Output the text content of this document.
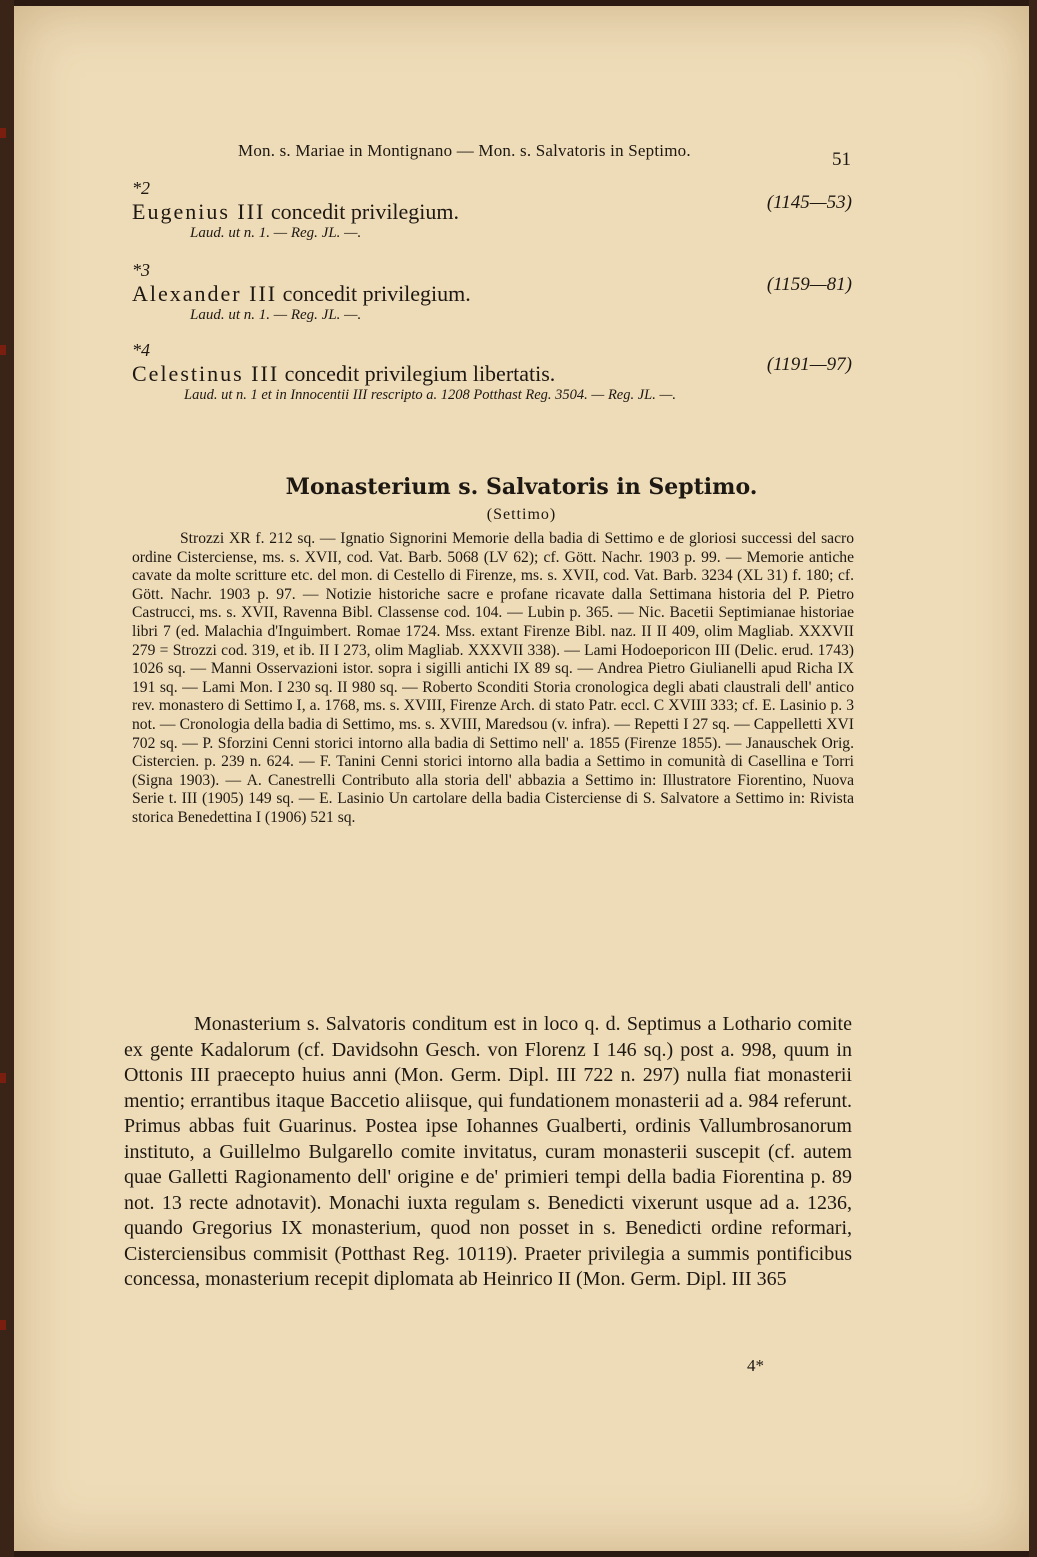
Mon. s. Mariae in Montignano — Mon. s. Salvatoris in Septimo.	51
*2
(1145—53)
Eugenius III concedit privilegium.
Laud. ut n. 1. — Reg. JL. —.
*3
(1159—81)
Alexander III concedit privilegium.
Laud. ut n. 1. — Reg. JL. —.
*4
(1191—97)
Celestinus III concedit privilegium libertatis.
Laud. ut n. 1 et in Innocentii III rescripto a. 1208 Potthast Reg. 3504. — Reg. JL. —.
Monasterium s. Salvatoris in Septimo.
(Settimo)
Strozzi XR f. 212 sq. — Ignatio Signorini Memorie della badia di Settimo e de gloriosi successi del sacro ordine Cisterciense, ms. s. XVII, cod. Vat. Barb. 5068 (LV 62); cf. Gött. Nachr. 1903 p. 99. — Memorie antiche cavate da molte scritture etc. del mon. di Cestello di Firenze, ms. s. XVII, cod. Vat. Barb. 3234 (XL 31) f. 180; cf. Gött. Nachr. 1903 p. 97. — Notizie historiche sacre e profane ricavate dalla Settimana historia del P. Pietro Castrucci, ms. s. XVII, Ravenna Bibl. Classense cod. 104. — Lubin p. 365. — Nic. Bacetii Septimianae historiae libri 7 (ed. Malachia d'Inguimbert. Romae 1724. Mss. extant Firenze Bibl. naz. II II 409, olim Magliab. XXXVII 279 = Strozzi cod. 319, et ib. II I 273, olim Magliab. XXXVII 338). — Lami Hodoeporicon III (Delic. erud. 1743) 1026 sq. — Manni Osservazioni istor. sopra i sigilli antichi IX 89 sq. — Andrea Pietro Giulianelli apud Richa IX 191 sq. — Lami Mon. I 230 sq. II 980 sq. — Roberto Sconditi Storia cronologica degli abati claustrali dell' antico rev. monastero di Settimo I, a. 1768, ms. s. XVIII, Firenze Arch. di stato Patr. eccl. C XVIII 333; cf. E. Lasinio p. 3 not. — Cronologia della badia di Settimo, ms. s. XVIII, Maredsou (v. infra). — Repetti I 27 sq. — Cappelletti XVI 702 sq. — P. Sforzini Cenni storici intorno alla badia di Settimo nell' a. 1855 (Firenze 1855). — Janauschek Orig. Cistercien. p. 239 n. 624. — F. Tanini Cenni storici intorno alla badia a Settimo in comunità di Casellina e Torri (Signa 1903). — A. Canestrelli Contributo alla storia dell' abbazia a Settimo in: Illustratore Fiorentino, Nuova Serie t. III (1905) 149 sq. — E. Lasinio Un cartolare della badia Cisterciense di S. Salvatore a Settimo in: Rivista storica Benedettina I (1906) 521 sq.
Monasterium s. Salvatoris conditum est in loco q. d. Septimus a Lothario comite ex gente Kadalorum (cf. Davidsohn Gesch. von Florenz I 146 sq.) post a. 998, quum in Ottonis III praecepto huius anni (Mon. Germ. Dipl. III 722 n. 297) nulla fiat monasterii mentio; errantibus itaque Baccetio aliisque, qui fundationem monasterii ad a. 984 referunt. Primus abbas fuit Guarinus. Postea ipse Iohannes Gualberti, ordinis Vallumbrosanorum instituto, a Guillelmo Bulgarello comite invitatus, curam monasterii suscepit (cf. autem quae Galletti Ragionamento dell' origine e de' primieri tempi della badia Fiorentina p. 89 not. 13 recte adnotavit). Monachi iuxta regulam s. Benedicti vixerunt usque ad a. 1236, quando Gregorius IX monasterium, quod non posset in s. Benedicti ordine reformari, Cisterciensibus commisit (Potthast Reg. 10119). Praeter privilegia a summis pontificibus concessa, monasterium recepit diplomata ab Heinrico II (Mon. Germ. Dipl. III 365
4*
